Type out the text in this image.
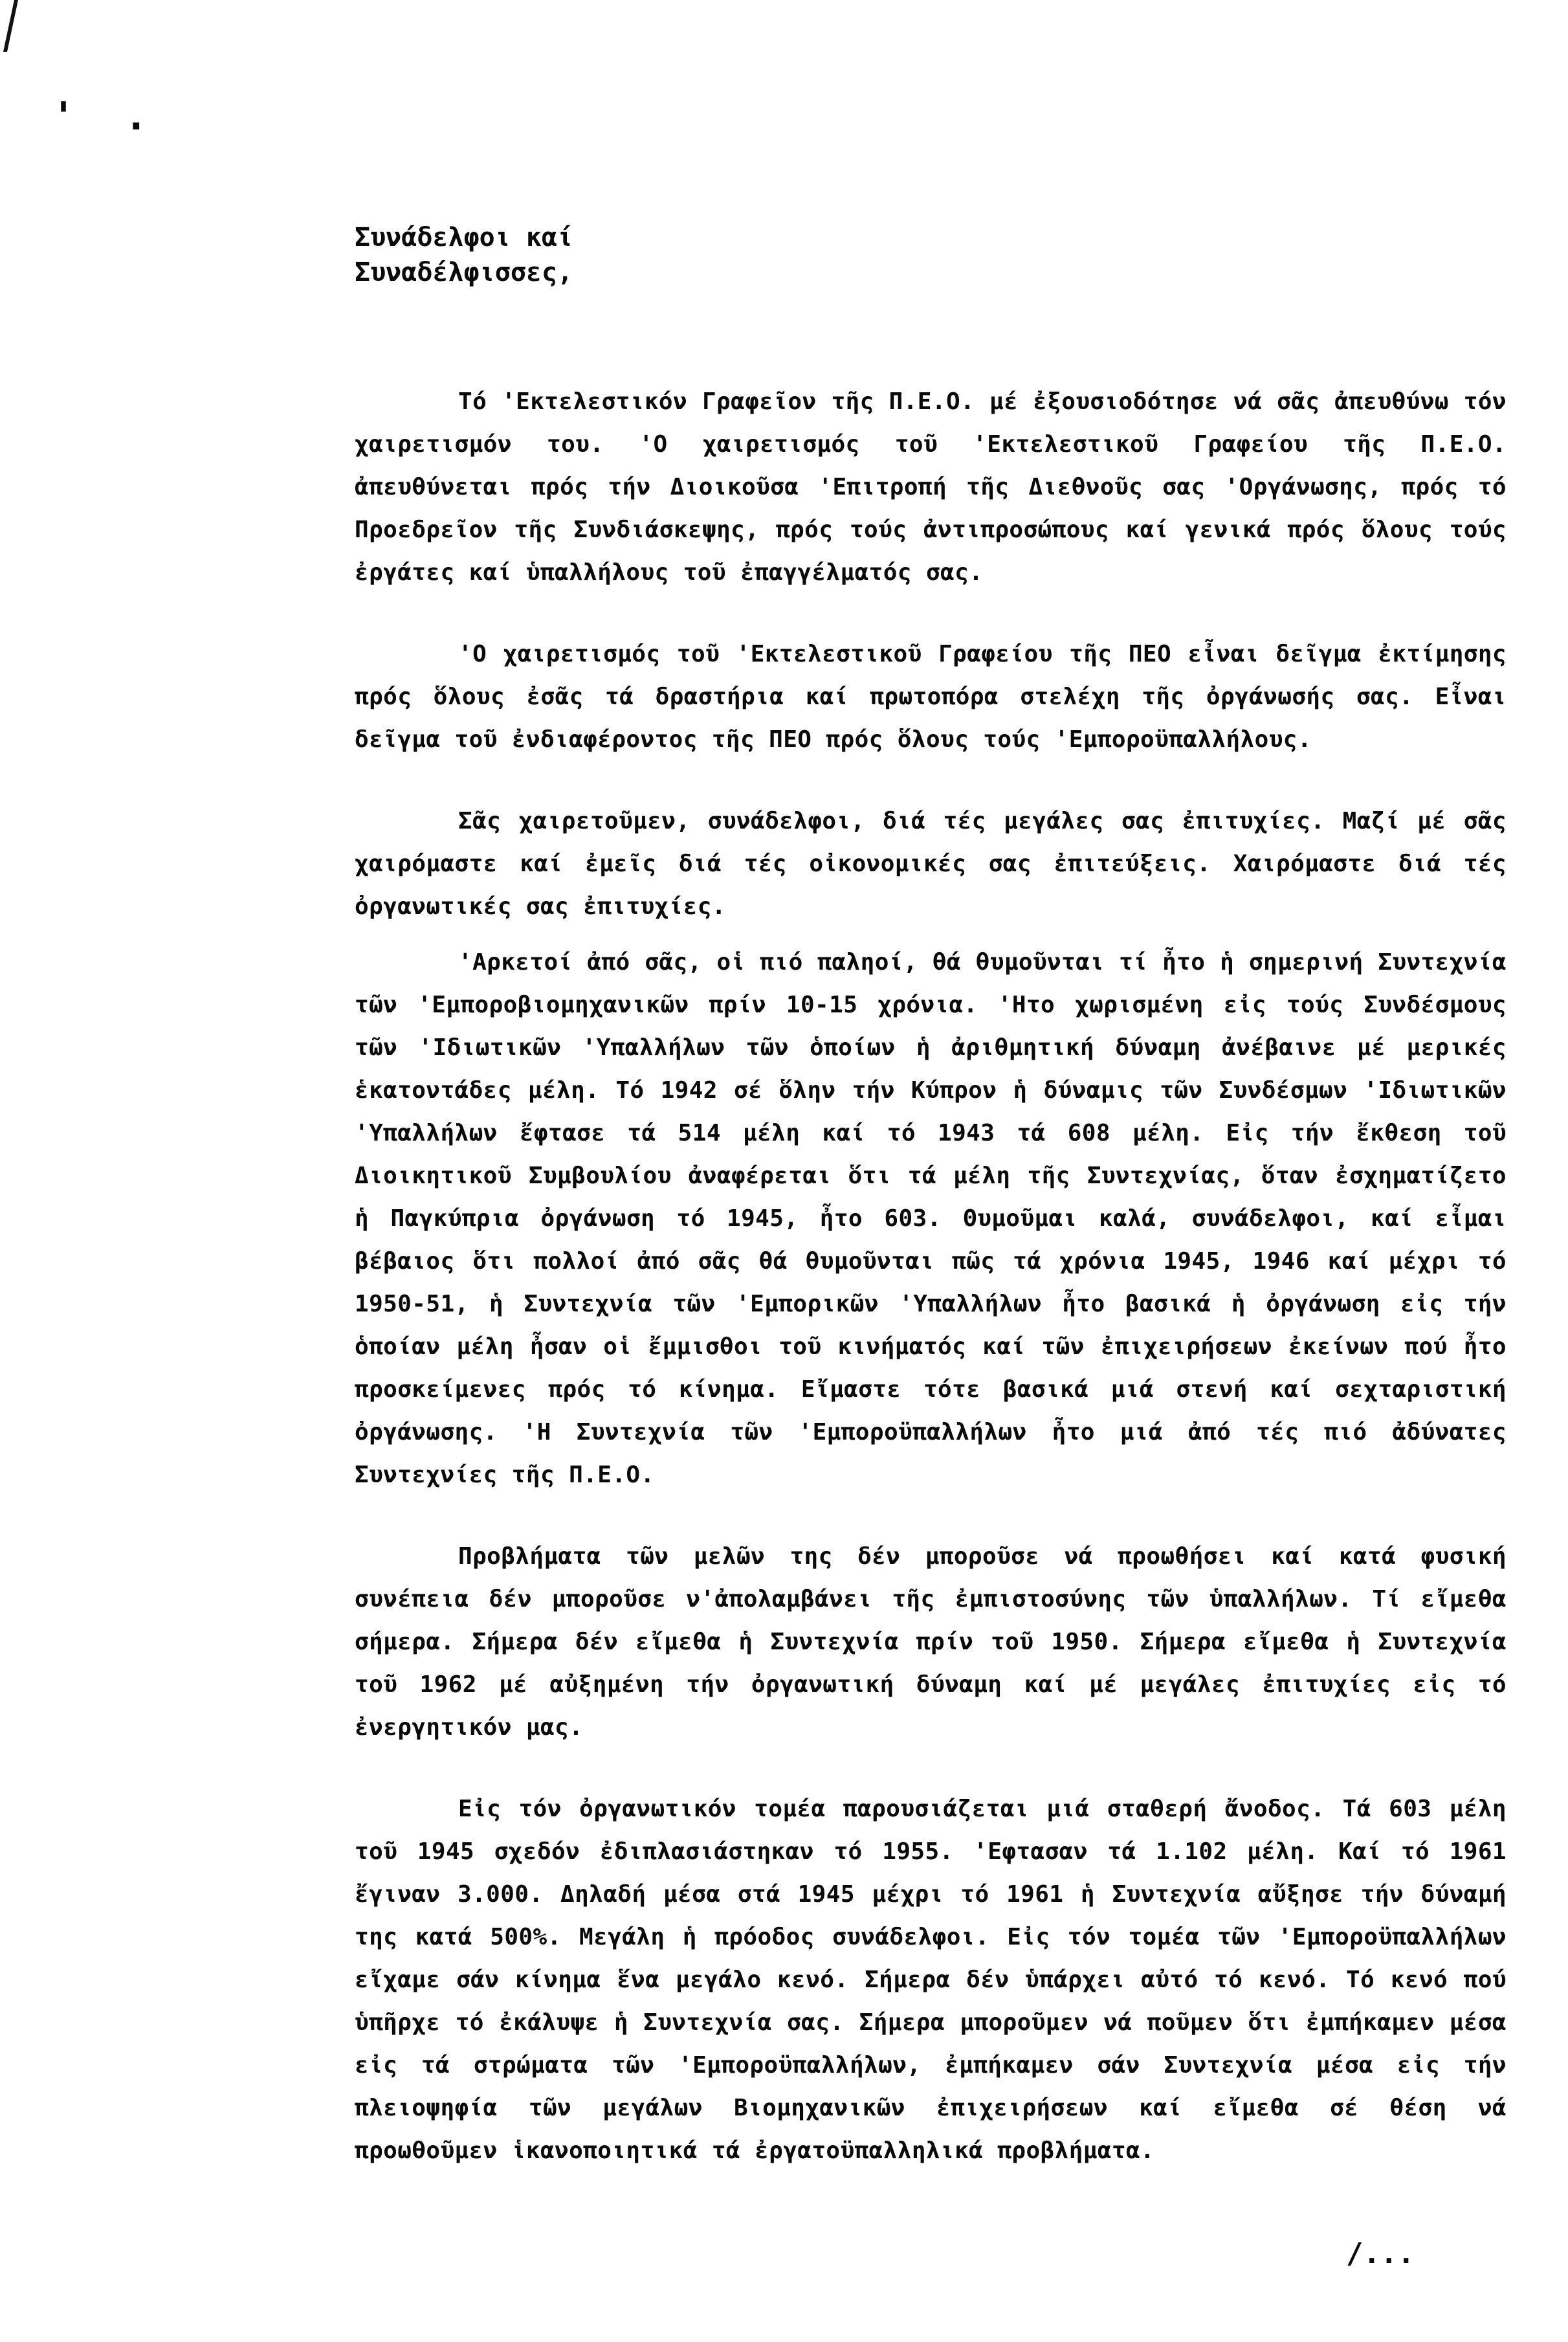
' .
Συνάδελφοι καί
Συναδέλφισσες,

Τό 'Εκτελεστικόν Γραφεῖον τῆς Π.Ε.Ο. μέ ἐξουσιοδότησε νά σᾶς ἀπευθύνω τόν χαιρετισμόν του. 'Ο χαιρετισμός τοῦ 'Εκτελεστικοῦ Γραφείου τῆς Π.Ε.Ο. ἀπευθύνεται πρός τήν Διοικοῦσα 'Επιτροπή τῆς Διεθνοῦς σας 'Οργάνωσης, πρός τό Προεδρεῖον τῆς Συνδιάσκεψης, πρός τούς ἀντιπροσώπους καί γενικά πρός ὅλους τούς ἐργάτες καί ὑπαλλήλους τοῦ ἐπαγγέλματός σας.

'Ο χαιρετισμός τοῦ 'Εκτελεστικοῦ Γραφείου τῆς ΠΕΟ εἶναι δεῖγμα ἐκτίμησης πρός ὅλους ἐσᾶς τά δραστήρια καί πρωτοπόρα στελέχη τῆς ὀργάνωσής σας. Εἶναι δεῖγμα τοῦ ἐνδιαφέροντος τῆς ΠΕΟ πρός ὅλους τούς 'Εμποροϋπαλλήλους.

Σᾶς χαιρετοῦμεν, συνάδελφοι, διά τές μεγάλες σας ἐπιτυχίες. Μαζί μέ σᾶς χαιρόμαστε καί ἐμεῖς διά τές οἰκονομικές σας ἐπιτεύξεις. Χαιρόμαστε διά τές ὀργανωτικές σας ἐπιτυχίες.

'Αρκετοί ἀπό σᾶς, οἱ πιό παληοί, θά θυμοῦνται τί ἦτο ἡ σημερινή Συντεχνία τῶν 'Εμποροβιομηχανικῶν πρίν 10-15 χρόνια. 'Ητο χωρισμένη εἰς τούς Συνδέσμους τῶν 'Ιδιωτικῶν 'Υπαλλήλων τῶν ὁποίων ἡ ἀριθμητική δύναμη ἀνέβαινε μέ μερικές ἑκατοντάδες μέλη. Τό 1942 σέ ὅλην τήν Κύπρον ἡ δύναμις τῶν Συνδέσμων 'Ιδιωτικῶν 'Υπαλλήλων ἔφτασε τά 514 μέλη καί τό 1943 τά 608 μέλη. Εἰς τήν ἔκθεση τοῦ Διοικητικοῦ Συμβουλίου ἀναφέρεται ὅτι τά μέλη τῆς Συντεχνίας, ὅταν ἐσχηματίζετο ἡ Παγκύπρια ὀργάνωση τό 1945, ἦτο 603. Θυμοῦμαι καλά, συνάδελφοι, καί εἶμαι βέβαιος ὅτι πολλοί ἀπό σᾶς θά θυμοῦνται πῶς τά χρόνια 1945, 1946 καί μέχρι τό 1950-51, ἡ Συντεχνία τῶν 'Εμπορικῶν 'Υπαλλήλων ἦτο βασικά ἡ ὀργάνωση εἰς τήν ὁποίαν μέλη ἦσαν οἱ ἔμμισθοι τοῦ κινήματός καί τῶν ἐπιχειρήσεων ἐκείνων πού ἦτο προσκείμενες πρός τό κίνημα. Εἴμαστε τότε βασικά μιά στενή καί σεχταριστική ὀργάνωσης. 'Η Συντεχνία τῶν 'Εμποροϋπαλλήλων ἦτο μιά ἀπό τές πιό ἀδύνατες Συντεχνίες τῆς Π.Ε.Ο.

Προβλήματα τῶν μελῶν της δέν μποροῦσε νά προωθήσει καί κατά φυσική συνέπεια δέν μποροῦσε ν'ἀπολαμβάνει τῆς ἐμπιστοσύνης τῶν ὑπαλλήλων. Τί εἴμεθα σήμερα. Σήμερα δέν εἴμεθα ἡ Συντεχνία πρίν τοῦ 1950. Σήμερα εἴμεθα ἡ Συντεχνία τοῦ 1962 μέ αὐξημένη τήν ὀργανωτική δύναμη καί μέ μεγάλες ἐπιτυχίες εἰς τό ἐνεργητικόν μας.

Εἰς τόν ὀργανωτικόν τομέα παρουσιάζεται μιά σταθερή ἄνοδος. Τά 603 μέλη τοῦ 1945 σχεδόν ἐδιπλασιάστηκαν τό 1955. 'Εφτασαν τά 1.102 μέλη. Καί τό 1961 ἔγιναν 3.000. Δηλαδή μέσα στά 1945 μέχρι τό 1961 ἡ Συντεχνία αὔξησε τήν δύναμή της κατά 500%. Μεγάλη ἡ πρόοδος συνάδελφοι. Εἰς τόν τομέα τῶν 'Εμποροϋπαλλήλων εἴχαμε σάν κίνημα ἕνα μεγάλο κενό. Σήμερα δέν ὑπάρχει αὐτό τό κενό. Τό κενό πού ὑπῆρχε τό ἐκάλυψε ἡ Συντεχνία σας. Σήμερα μποροῦμεν νά ποῦμεν ὅτι ἐμπήκαμεν μέσα εἰς τά στρώματα τῶν 'Εμποροϋπαλλήλων, ἐμπήκαμεν σάν Συντεχνία μέσα εἰς τήν πλειοψηφία τῶν μεγάλων Βιομηχανικῶν ἐπιχειρήσεων καί εἴμεθα σέ θέση νά προωθοῦμεν ἱκανοποιητικά τά ἐργατοϋπαλληλικά προβλήματα.

/...
